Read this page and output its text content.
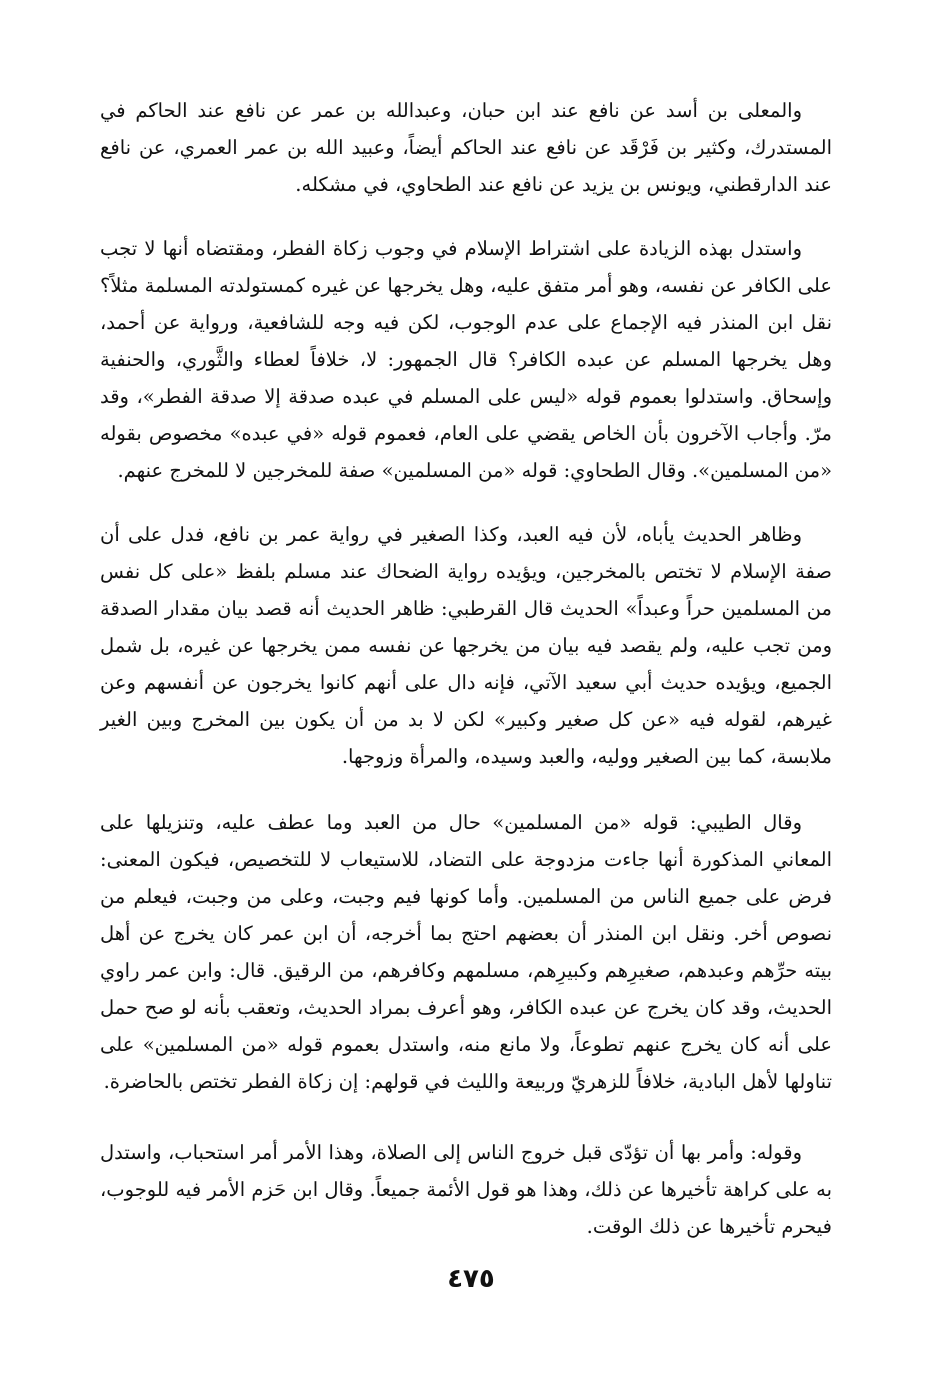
والمعلى بن أسد عن نافع عند ابن حبان، وعبدالله بن عمر عن نافع عند الحاكم في المستدرك، وكثير بن فَرْقَد عن نافع عند الحاكم أيضاً، وعبيد الله بن عمر العمري، عن نافع عند الدارقطني، ويونس بن يزيد عن نافع عند الطحاوي، في مشكله.

واستدل بهذه الزيادة على اشتراط الإسلام في وجوب زكاة الفطر، ومقتضاه أنها لا تجب على الكافر عن نفسه، وهو أمر متفق عليه، وهل يخرجها عن غيره كمستولدته المسلمة مثلاً؟ نقل ابن المنذر فيه الإجماع على عدم الوجوب، لكن فيه وجه للشافعية، ورواية عن أحمد، وهل يخرجها المسلم عن عبده الكافر؟ قال الجمهور: لا، خلافاً لعطاء والثَّوري، والحنفية وإسحاق. واستدلوا بعموم قوله «ليس على المسلم في عبده صدقة إلا صدقة الفطر»، وقد مرّ. وأجاب الآخرون بأن الخاص يقضي على العام، فعموم قوله «في عبده» مخصوص بقوله «من المسلمين». وقال الطحاوي: قوله «من المسلمين» صفة للمخرجين لا للمخرج عنهم.

وظاهر الحديث يأباه، لأن فيه العبد، وكذا الصغير في رواية عمر بن نافع، فدل على أن صفة الإسلام لا تختص بالمخرجين، ويؤيده رواية الضحاك عند مسلم بلفظ «على كل نفس من المسلمين حراً وعبداً» الحديث قال القرطبي: ظاهر الحديث أنه قصد بيان مقدار الصدقة ومن تجب عليه، ولم يقصد فيه بيان من يخرجها عن نفسه ممن يخرجها عن غيره، بل شمل الجميع، ويؤيده حديث أبي سعيد الآتي، فإنه دال على أنهم كانوا يخرجون عن أنفسهم وعن غيرهم، لقوله فيه «عن كل صغير وكبير» لكن لا بد من أن يكون بين المخرج وبين الغير ملابسة، كما بين الصغير ووليه، والعبد وسيده، والمرأة وزوجها.

وقال الطيبي: قوله «من المسلمين» حال من العبد وما عطف عليه، وتنزيلها على المعاني المذكورة أنها جاءت مزدوجة على التضاد، للاستيعاب لا للتخصيص، فيكون المعنى: فرض على جميع الناس من المسلمين. وأما كونها فيم وجبت، وعلى من وجبت، فيعلم من نصوص أخر. ونقل ابن المنذر أن بعضهم احتج بما أخرجه، أن ابن عمر كان يخرج عن أهل بيته حرِّهم وعبدهم، صغيرِهم وكبيرِهم، مسلمهم وكافرهم، من الرقيق. قال: وابن عمر راوي الحديث، وقد كان يخرج عن عبده الكافر، وهو أعرف بمراد الحديث، وتعقب بأنه لو صح حمل على أنه كان يخرج عنهم تطوعاً، ولا مانع منه، واستدل بعموم قوله «من المسلمين» على تناولها لأهل البادية، خلافاً للزهريّ وربيعة والليث في قولهم: إن زكاة الفطر تختص بالحاضرة.

وقوله: وأمر بها أن تؤدّى قبل خروج الناس إلى الصلاة، وهذا الأمر أمر استحباب، واستدل به على كراهة تأخيرها عن ذلك، وهذا هو قول الأئمة جميعاً. وقال ابن حَزم الأمر فيه للوجوب، فيحرم تأخيرها عن ذلك الوقت.

٤٧٥
